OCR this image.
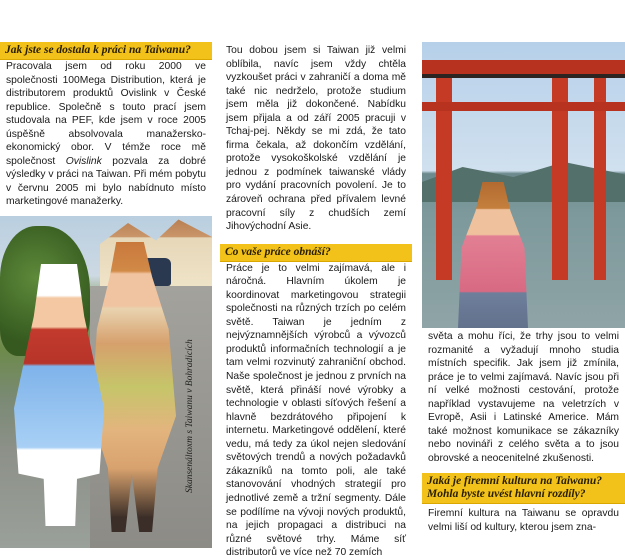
Jak jste se dostala k práci na Taiwanu?

Pracovala jsem od roku 2000 ve společnosti 100Mega Distribution, která je distributorem produktů Ovislink v České republice. Společně s touto prací jsem studovala na PEF, kde jsem v roce 2005 úspěšně absolvovala manažersko-ekonomický obor. V témže roce mě společnost Ovislink pozvala za dobré výsledky v práci na Taiwan. Při mém pobytu v červnu 2005 mi bylo nabídnuto místo marketingové manažerky.

Skansenáltoxm s Taiwanu v Bohradicích

Tou dobou jsem si Taiwan již velmi oblíbila, navíc jsem vždy chtěla vyzkoušet práci v zahraničí a doma mě také nic nedrželo, protože studium jsem měla již dokončené. Nabídku jsem přijala a od září 2005 pracuji v Tchaj-pej. Někdy se mi zdá, že tato firma čekala, až dokončím vzdělání, protože vysokoškolské vzdělání je jednou z podmínek taiwanské vlády pro vydání pracovních povolení. Je to zároveň ochrana před přívalem levné pracovní síly z chudších zemí Jihovýchodní Asie.

Co vaše práce obnáší?

Práce je to velmi zajímavá, ale i náročná. Hlavním úkolem je koordinovat marketingovou strategii společnosti na různých trzích po celém světě. Taiwan je jedním z nejvýznamnějších výrobců a vývozců produktů informačních technologií a je tam velmi rozvinutý zahraniční obchod. Naše společnost je jednou z prvních na světě, která přináší nové výrobky a technologie v oblasti síťových řešení a hlavně bezdrátového připojení k internetu. Marketingové oddělení, které vedu, má tedy za úkol nejen sledování světových trendů a nových požadavků zákazníků na tomto poli, ale také stanovování vhodných strategií pro jednotlivé země a tržní segmenty. Dále se podílíme na vývoji nových produktů, na jejich propagaci a distribuci na různé světové trhy. Máme síť distributorů ve více než 70 zemích

světa a mohu říci, že trhy jsou to velmi rozmanité a vyžadují mnoho studia místních specifik. Jak jsem již zmínila, práce je to velmi zajímavá. Navíc jsou při ní velké možnosti cestování, protože například vystavujeme na veletrzích v Evropě, Asii i Latinské Americe. Mám také možnost komunikace se zákazníky nebo novináři z celého světa a to jsou obrovské a neocenitelné zkušenosti.

Jaká je firemní kultura na Taiwanu? Mohla byste uvést hlavní rozdíly?

Firemní kultura na Taiwanu se opravdu velmi liší od kultury, kterou jsem zna-
